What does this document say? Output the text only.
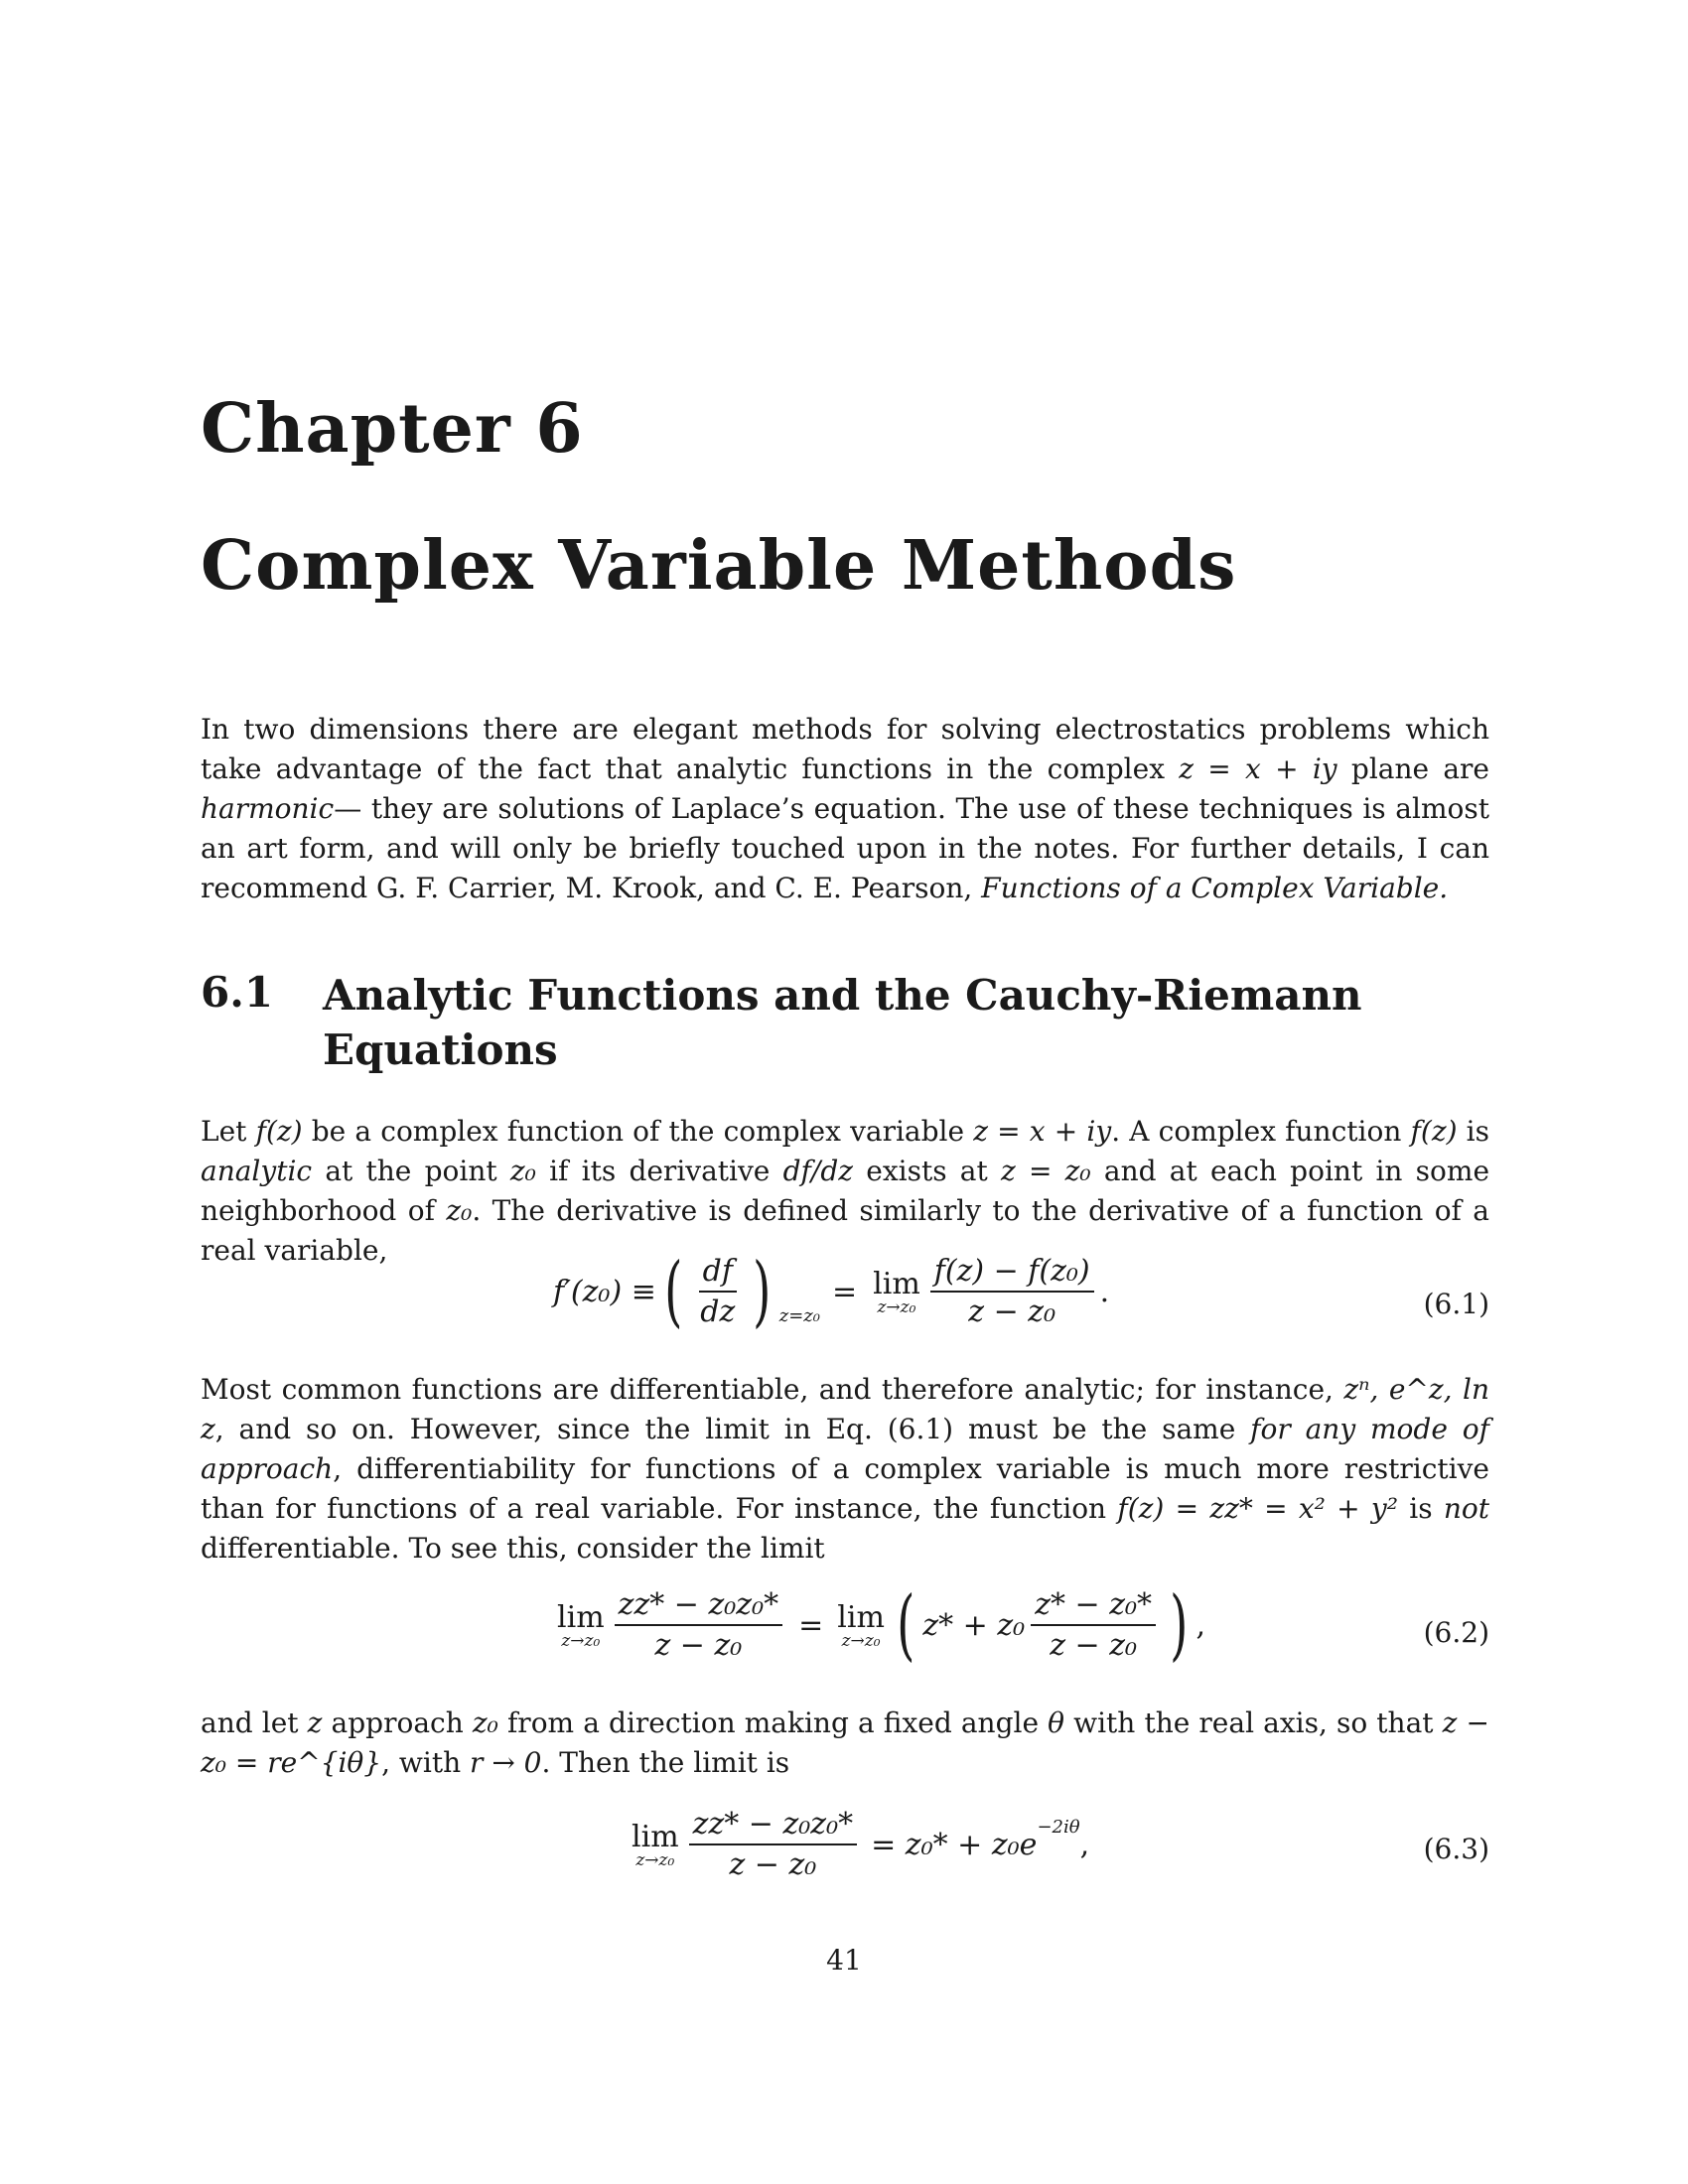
Chapter 6
Complex Variable Methods

In two dimensions there are elegant methods for solving electrostatics problems which take advantage of the fact that analytic functions in the complex z = x + iy plane are harmonic— they are solutions of Laplace’s equation. The use of these techniques is almost an art form, and will only be briefly touched upon in the notes. For further details, I can recommend G. F. Carrier, M. Krook, and C. E. Pearson, Functions of a Complex Variable.

6.1 Analytic Functions and the Cauchy-Riemann Equations

Let f(z) be a complex function of the complex variable z = x + iy. A complex function f(z) is analytic at the point z₀ if its derivative df/dz exists at z = z₀ and at each point in some neighborhood of z₀. The derivative is defined similarly to the derivative of a function of a real variable,

f′(z₀) ≡ ( $\frac{df}{dz}$ ) z=z₀
= lim
$z\to z_0 \frac{\text{f(z) − f(z₀)}}{\text{z − z₀}}$ .	(6.1)

Most common functions are differentiable, and therefore analytic; for instance, zⁿ, e^z, ln z, and so on. However, since the limit in Eq. (6.1) must be the same for any mode of approach, differentiability for functions of a complex variable is much more restrictive than for functions of a real variable. For instance, the function f(z) = zz* = x² + y² is not differentiable. To see this, consider the limit

lim
$z\to z_0 \frac{\text{zz* − z₀z₀*}}{\text{z − z₀}} = \lim$
z→z₀ ( $z* + z_0 \frac{\text{z* − z₀*}}{\text{z − z₀}}$ ) ,	(6.2)

and let z approach z₀ from a direction making a fixed angle θ with the real axis, so that z − z₀ = re^{iθ}, with r → 0. Then the limit is

lim
$z\to z_0 \frac{\text{zz* − z₀z₀*}}{\text{z − z₀}} = z_0* + z_0e^{-2i\theta}$ ,	(6.3)
41
